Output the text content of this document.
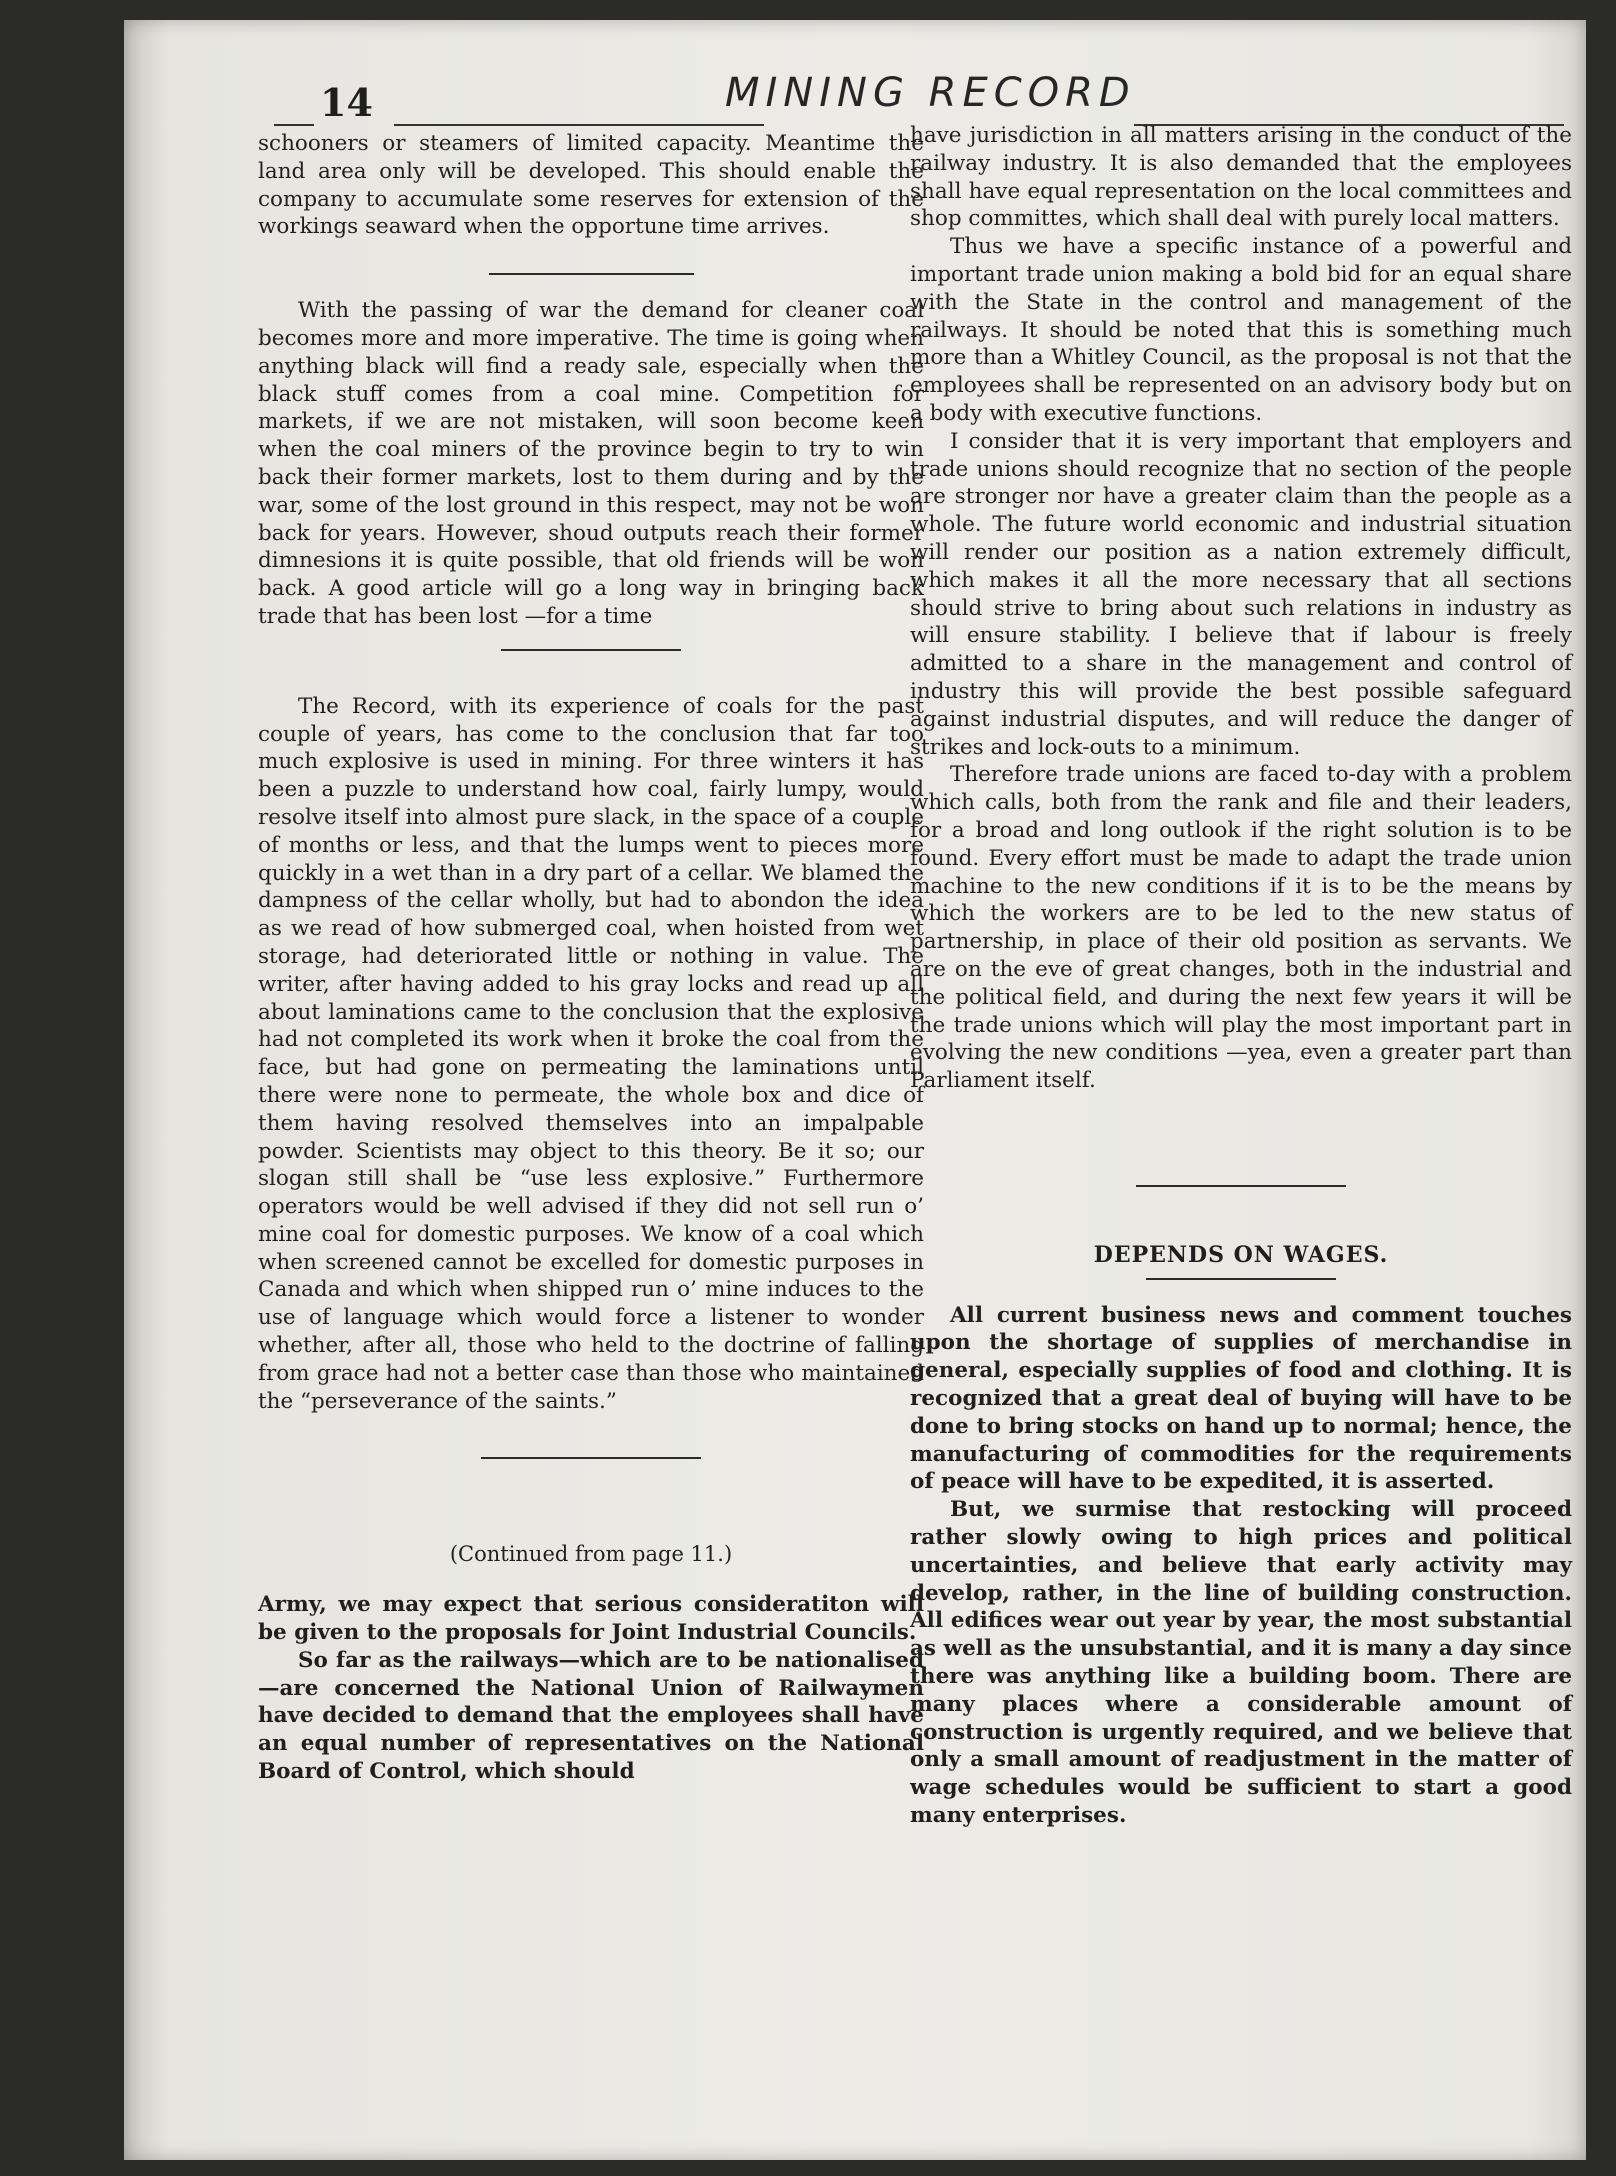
14	MINING RECORD

schooners or steamers of limited capacity. Meantime the land area only will be developed. This should enable the company to accumulate some reserves for extension of the workings seaward when the opportune time arrives.

With the passing of war the demand for cleaner coal becomes more and more imperative. The time is going when anything black will find a ready sale, especially when the black stuff comes from a coal mine. Competition for markets, if we are not mistaken, will soon become keen when the coal miners of the province begin to try to win back their former markets, lost to them during and by the war, some of the lost ground in this respect, may not be won back for years. However, shoud outputs reach their former dimnesions it is quite possible, that old friends will be won back. A good article will go a long way in bringing back trade that has been lost —for a time

The Record, with its experience of coals for the past couple of years, has come to the conclusion that far too much explosive is used in mining. For three winters it has been a puzzle to understand how coal, fairly lumpy, would resolve itself into almost pure slack, in the space of a couple of months or less, and that the lumps went to pieces more quickly in a wet than in a dry part of a cellar. We blamed the dampness of the cellar wholly, but had to abondon the idea as we read of how submerged coal, when hoisted from wet storage, had deteriorated little or nothing in value. The writer, after having added to his gray locks and read up all about laminations came to the conclusion that the explosive had not completed its work when it broke the coal from the face, but had gone on permeating the laminations until there were none to permeate, the whole box and dice of them having resolved themselves into an impalpable powder. Scientists may object to this theory. Be it so; our slogan still shall be “use less explosive.” Furthermore operators would be well advised if they did not sell run o’ mine coal for domestic purposes. We know of a coal which when screened cannot be excelled for domestic purposes in Canada and which when shipped run o’ mine induces to the use of language which would force a listener to wonder whether, after all, those who held to the doctrine of falling from grace had not a better case than those who maintained the “perseverance of the saints.”

(Continued from page 11.)

Army, we may expect that serious consideratiton will be given to the proposals for Joint Industrial Councils.

So far as the railways—which are to be nationalised—are concerned the National Union of Railwaymen have decided to demand that the employees shall have an equal number of representatives on the National Board of Control, which should

have jurisdiction in all matters arising in the conduct of the railway industry. It is also demanded that the employees shall have equal representation on the local committees and shop committes, which shall deal with purely local matters.

Thus we have a specific instance of a powerful and important trade union making a bold bid for an equal share with the State in the control and management of the railways. It should be noted that this is something much more than a Whitley Council, as the proposal is not that the employees shall be represented on an advisory body but on a body with executive functions.

I consider that it is very important that employers and trade unions should recognize that no section of the people are stronger nor have a greater claim than the people as a whole. The future world economic and industrial situation will render our position as a nation extremely difficult, which makes it all the more necessary that all sections should strive to bring about such relations in industry as will ensure stability. I believe that if labour is freely admitted to a share in the management and control of industry this will provide the best possible safeguard against industrial disputes, and will reduce the danger of strikes and lock-outs to a minimum.

Therefore trade unions are faced to-day with a problem which calls, both from the rank and file and their leaders, for a broad and long outlook if the right solution is to be found. Every effort must be made to adapt the trade union machine to the new conditions if it is to be the means by which the workers are to be led to the new status of partnership, in place of their old position as servants. We are on the eve of great changes, both in the industrial and the political field, and during the next few years it will be the trade unions which will play the most important part in evolving the new conditions —yea, even a greater part than Parliament itself.

DEPENDS ON WAGES.

All current business news and comment touches upon the shortage of supplies of merchandise in general, especially supplies of food and clothing. It is recognized that a great deal of buying will have to be done to bring stocks on hand up to normal; hence, the manufacturing of commodities for the requirements of peace will have to be expedited, it is asserted.

But, we surmise that restocking will proceed rather slowly owing to high prices and political uncertainties, and believe that early activity may develop, rather, in the line of building construction. All edifices wear out year by year, the most substantial as well as the unsubstantial, and it is many a day since there was anything like a building boom. There are many places where a considerable amount of construction is urgently required, and we believe that only a small amount of readjustment in the matter of wage schedules would be sufficient to start a good many enterprises.
